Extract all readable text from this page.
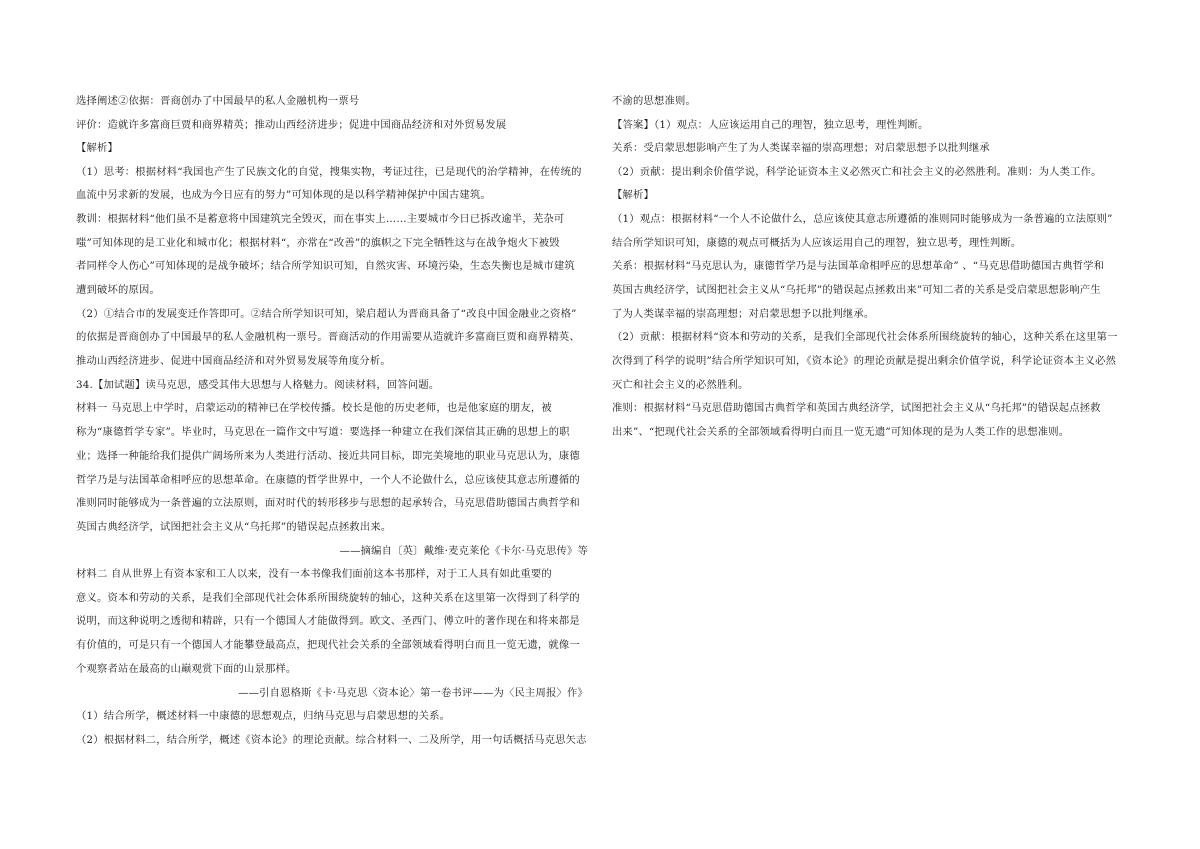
选择阐述②依据：晋商创办了中国最早的私人金融机构一票号
评价：造就许多富商巨贾和商界精英；推动山西经济进步；促进中国商品经济和对外贸易发展
【解析】
（1）思考：根据材料“我国也产生了民族文化的自觉，搜集实物，考证过往，已是现代的治学精神，在传统的
血流中另求新的发展，也成为今日应有的努力”可知体现的是以科学精神保护中国古建筑。
教训：根据材料“他们虽不是蓄意将中国建筑完全毁灭，而在事实上……主要城市今日已拆改逾半，芜杂可
嗤”可知体现的是工业化和城市化；根据材料“，亦常在“改善”的旗帜之下完全牺牲这与在战争炮火下被毁
者同样令人伤心”可知体现的是战争破坏；结合所学知识可知，自然灾害、环境污染，生态失衡也是城市建筑
遭到破坏的原因。
（2）①结合市的发展变迁作答即可。②结合所学知识可知，梁启超认为晋商具备了“改良中国金融业之资格”
的依据是晋商创办了中国最早的私人金融机构一票号。晋商活动的作用需要从造就许多富商巨贾和商界精英、
推动山西经济进步、促进中国商品经济和对外贸易发展等角度分析。
34.【加试题】读马克思，感受其伟大思想与人格魅力。阅读材料，回答问题。
材料一 马克思上中学时，启蒙运动的精神已在学校传播。校长是他的历史老师，也是他家庭的朋友，被
称为“康德哲学专家”。毕业时，马克思在一篇作文中写道：要选择一种建立在我们深信其正确的思想上的职
业；选择一种能给我们提供广阔场所来为人类进行活动、接近共同目标，即完美境地的职业马克思认为，康德
哲学乃是与法国革命相呼应的思想革命。在康德的哲学世界中，一个人不论做什么，总应该使其意志所遵循的
准则同时能够成为一条普遍的立法原则，面对时代的转形移步与思想的起承转合，马克思借助德国古典哲学和
英国古典经济学，试图把社会主义从“乌托邦”的错误起点拯救出来。
——摘编自〔英〕戴维·麦克莱伦《卡尔·马克思传》等
材料二 自从世界上有资本家和工人以来，没有一本书像我们面前这本书那样，对于工人具有如此重要的
意义。资本和劳动的关系，是我们全部现代社会体系所围绕旋转的轴心，这种关系在这里第一次得到了科学的
说明，而这种说明之透彻和精辟，只有一个德国人才能做得到。欧文、圣西门、傅立叶的著作现在和将来都是
有价值的，可是只有一个德国人才能攀登最高点，把现代社会关系的全部领域看得明白而且一览无遗，就像一
个观察者站在最高的山巅观赏下面的山景那样。
——引自恩格斯《卡·马克思〈资本论〉第一卷书评——为〈民主周报〉作》
（1）结合所学，概述材料一中康德的思想观点，归纳马克思与启蒙思想的关系。
（2）根据材料二，结合所学，概述《资本论》的理论贡献。综合材料一、二及所学，用一句话概括马克思矢志
不渝的思想准则。
【答案】（1）观点：人应该运用自己的理智，独立思考，理性判断。
关系：受启蒙思想影响产生了为人类谋幸福的崇高理想；对启蒙思想予以批判继承
（2）贡献：提出剩余价值学说，科学论证资本主义必然灭亡和社会主义的必然胜利。准则：为人类工作。
【解析】
（1）观点：根据材料“一个人不论做什么，总应该使其意志所遵循的准则同时能够成为一条普遍的立法原则”
结合所学知识可知，康德的观点可概括为人应该运用自己的理智，独立思考，理性判断。
关系：根据材料“马克思认为，康德哲学乃是与法国革命相呼应的思想革命” 、“马克思借助德国古典哲学和
英国古典经济学，试图把社会主义从“乌托邦”的错误起点拯救出来”可知二者的关系是受启蒙思想影响产生
了为人类谋幸福的崇高理想；对启蒙思想予以批判继承。
（2）贡献：根据材料“资本和劳动的关系，是我们全部现代社会体系所围绕旋转的轴心，这种关系在这里第一
次得到了科学的说明”结合所学知识可知，《资本论》的理论贡献是提出剩余价值学说，科学论证资本主义必然
灭亡和社会主义的必然胜利。
准则：根据材料“马克思借助德国古典哲学和英国古典经济学，试图把社会主义从“乌托邦”的错误起点拯救
出来”、“把现代社会关系的全部领域看得明白而且一览无遗”可知体现的是为人类工作的思想准则。
